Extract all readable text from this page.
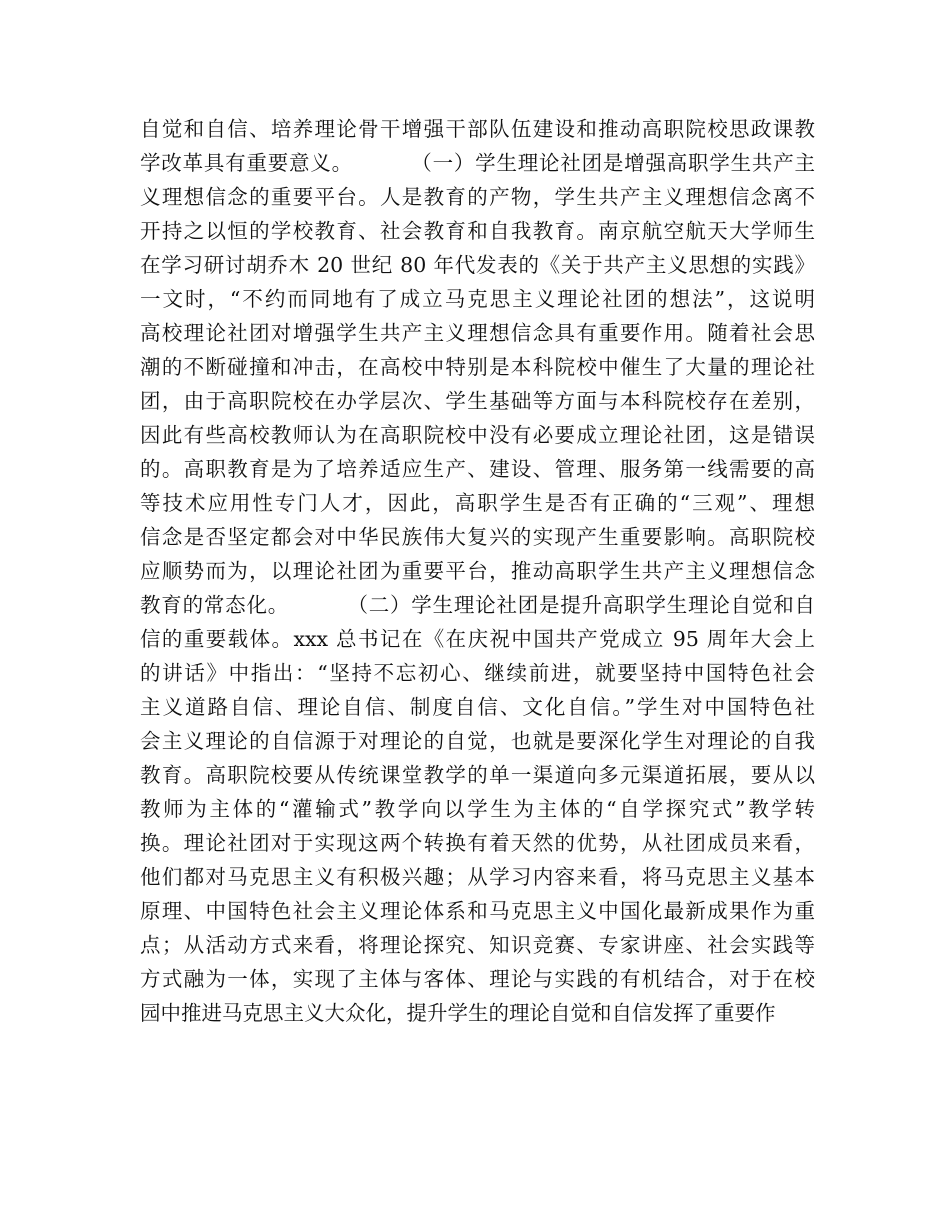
自觉和自信、培养理论骨干增强干部队伍建设和推动高职院校思政课教
学改革具有重要意义。        （一）学生理论社团是增强高职学生共产主
义理想信念的重要平台。人是教育的产物，学生共产主义理想信念离不
开持之以恒的学校教育、社会教育和自我教育。南京航空航天大学师生
在学习研讨胡乔木 20 世纪 80 年代发表的《关于共产主义思想的实践》
一文时，“不约而同地有了成立马克思主义理论社团的想法”，这说明
高校理论社团对增强学生共产主义理想信念具有重要作用。随着社会思
潮的不断碰撞和冲击，在高校中特别是本科院校中催生了大量的理论社
团，由于高职院校在办学层次、学生基础等方面与本科院校存在差别，
因此有些高校教师认为在高职院校中没有必要成立理论社团，这是错误
的。高职教育是为了培养适应生产、建设、管理、服务第一线需要的高
等技术应用性专门人才，因此，高职学生是否有正确的“三观”、理想
信念是否坚定都会对中华民族伟大复兴的实现产生重要影响。高职院校
应顺势而为，以理论社团为重要平台，推动高职学生共产主义理想信念
教育的常态化。        （二）学生理论社团是提升高职学生理论自觉和自
信的重要载体。xxx 总书记在《在庆祝中国共产党成立 95 周年大会上
的讲话》中指出：“坚持不忘初心、继续前进，就要坚持中国特色社会
主义道路自信、理论自信、制度自信、文化自信。”学生对中国特色社
会主义理论的自信源于对理论的自觉，也就是要深化学生对理论的自我
教育。高职院校要从传统课堂教学的单一渠道向多元渠道拓展，要从以
教师为主体的“灌输式”教学向以学生为主体的“自学探究式”教学转
换。理论社团对于实现这两个转换有着天然的优势，从社团成员来看，
他们都对马克思主义有积极兴趣；从学习内容来看，将马克思主义基本
原理、中国特色社会主义理论体系和马克思主义中国化最新成果作为重
点；从活动方式来看，将理论探究、知识竞赛、专家讲座、社会实践等
方式融为一体，实现了主体与客体、理论与实践的有机结合，对于在校
园中推进马克思主义大众化，提升学生的理论自觉和自信发挥了重要作
